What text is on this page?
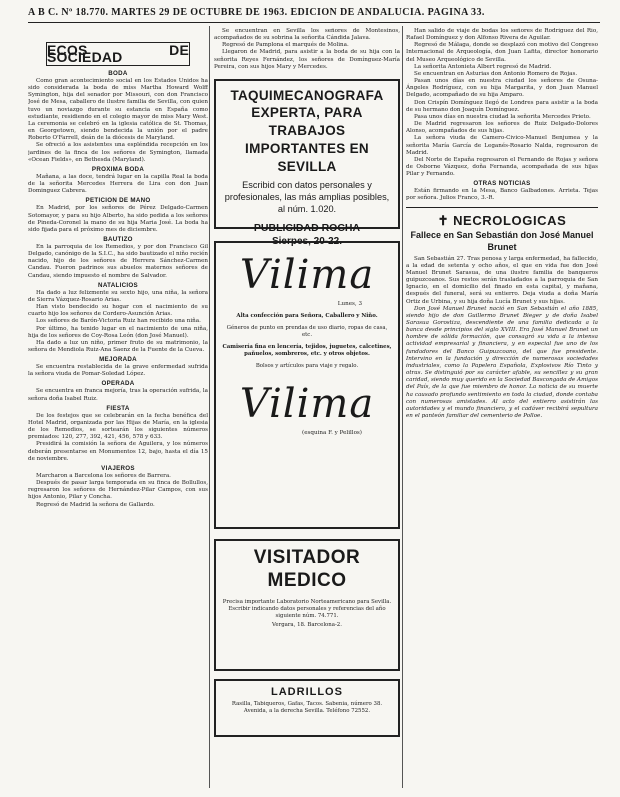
A B C. Nº 18.770. MARTES 29 DE OCTUBRE DE 1963. EDICION DE ANDALUCIA. PAGINA 33.
ECOS DE SOCIEDAD
BODA

Como gran acontecimiento social en los Estados Unidos ha sido considerada la boda de miss Martha Howard Wolff Symington, hija del senador por Missouri, con don Francisco José de Mesa, caballero de ilustre familia de Sevilla, con quien tuvo un noviazgo durante su estancia en España como estudiante, residiendo en el colegio mayor de miss Mary West. La ceremonia se celebró en la iglesia católica de St. Thomas, en Georgetown, siendo bendecida la unión por el padre Roberto O'Farrell, deán de la diócesis de Maryland.

Se ofreció a los asistentes una espléndida recepción en los jardines de la finca de los señores de Symington, llamada «Ocean Fields», en Bethesda (Maryland).

PROXIMA BODA

Mañana, a las doce, tendrá lugar en la capilla Real la boda de la señorita Mercedes Herrera de Lira con don Juan Dominguez Cabrera.

PETICION DE MANO

En Madrid, por los señores de Pérez Delgado-Carmen Sotomayor, y para su hijo Alberto, ha sido pedida a los señores de Pineda-Coronel la mano de su hija Maria José. La boda ha sido fijada para el próximo mes de diciembre.

BAUTIZO

En la parroquia de los Remedios, y por don Francisco Gil Delgado, canónigo de la S.I.C., ha sido bautizado el niño recién nacido, hijo de los señores de Herrera Sánchez-Carmen Candau. Fueron padrinos sus abuelos maternos señores de Candau, siendo impuesto el nombre de Salvador.

NATALICIOS

Ha dado a luz felizmente su sexto hijo, una niña, la señora de Sierra Vázquez-Rosario Arias.

Han visto bendecido su hogar con el nacimiento de su cuarto hijo los señores de Cordero-Asunción Arias.

Los señores de Barón-Victoria Ruiz han recibido una niña.

Por último, ha tenido lugar en el nacimiento de una niña, hija de los señores de Coy-Rosa León (don José Manuel).

Ha dado a luz un niño, primer fruto de su matrimonio, la señora de Mendiola Ruiz-Ana Saenz de la Fuente de la Cueva.

MEJORADA

Se encuentra restablecida de la grave enfermedad sufrida la señora viuda de Pomar-Soledad López.

OPERADA

Se encuentra en franca mejoría, tras la operación sufrida, la señora doña Isabel Ruiz.

FIESTA

De los festejos que se celebrarán en la fecha benéfica del Hotel Madrid, organizada por las Hijas de María, en la iglesia de los Remedios, se sortearán los siguientes números premiados: 120, 277, 392, 421, 456, 578 y 633.

Presidirá la comisión la señora de Aguilera, y los números deberán presentarse en Monumentos 12, bajo, hasta el día 15 de noviembre.

VIAJEROS

Marcharon a Barcelona los señores de Barrera.

Después de pasar larga temporada en su finca de Bollullos, regresaron los señores de Hernández-Pilar Campos, con sus hijos Antonio, Pilar y Concha.

Regresó de Madrid la señora de Gallardo.

Se encuentran en Sevilla los señores de Montesinos, acompañados de su sobrina la señorita Cándida Jalava.

Regresó de Pamplona el marqués de Molina.

Llegaron de Madrid, para asistir a la boda de su hija con la señorita Reyes Fernández, los señores de Domínguez-María Pereira, con sus hijos Mary y Mercedes.

TAQUIMECANOGRAFA
EXPERTA, PARA TRABAJOS
IMPORTANTES EN SEVILLA
Escribid con datos personales y profesionales, las más amplias posibles, al núm. 1.020.
PUBLICIDAD ROCHA
Sierpes, 20-22.
Vilima
Lunes, 3
Alta confección para Señora, Caballero y Niño.
Géneros de punto en prendas de uso diario, ropas de casa, etc.
Camisería fina en lencería, tejidos, juguetes, calcetines, pañuelos, sombreros, etc. y otros objetos.
Bolsos y artículos para viaje y regalo.
Vilima
(esquina F. y Pelillos)
VISITADOR
MEDICO
Precisa importante Laboratorio Norteamericano para Sevilla. Escribir indicando datos personales y referencias del año siguiente núm. 74.771.
Vergara, 18. Barcelona-2.
LADRILLOS
Rasilla, Tabiqueros, Gafas, Tacos. Sabenia, número 38. Avenida, a la derecha Sevilla. Teléfono 72552.

Han salido de viaje de bodas los señores de Rodríguez del Río, Rafael Domínguez y don Alfonso Rivera de Aguilar.

Regresó de Málaga, donde se desplazó con motivo del Congreso Internacional de Arqueología, don Juan Lafita, director honorario del Museo Arqueológico de Sevilla.

La señorita Antonieta Albert regresó de Madrid.

Se encuentran en Asturias don Antonio Romero de Rojas.

Pasan unos días en nuestra ciudad los señores de Osuna-Ángeles Rodríguez, con su hija Margarita, y don Juan Manuel Delgado, acompañado de su hija Amparo.

Don Crispín Domínguez llegó de Londres para asistir a la boda de su hermano don Joaquín Domínguez.

Pasa unos días en nuestra ciudad la señorita Mercedes Prieto.

De Madrid regresaron los señores de Ruiz Delgado-Dolores Alonso, acompañados de sus hijas.

La señora viuda de Camero-Civico-Manuel Benjumea y la señorita María García de Leganés-Rosario Nalda, regresaron de Madrid.

Del Norte de España regresaron el Fernando de Rojas y señora de Osborne Vázquez, doña Fernanda, acompañada de sus hijas Pilar y Fernando.

OTRAS NOTICIAS

Están firmando en la Mesa, Banco Galbadones. Arrieta. Tejas por señora. Julios Franco, 3.-R.

✝ NECROLOGICAS
Fallece en San Sebastián don José Manuel Brunet

San Sebastián 27. Tras penosa y larga enfermedad, ha fallecido, a la edad de setenta y ocho años, el que en vida fue don José Manuel Brunet Sarasua, de una ilustre familia de banqueros guipuzcoanos. Sus restos serán trasladados a la parroquia de San Ignacio, en el domicilio del finado en esta capital, y mañana, después del funeral, será su entierro. Deja viuda a doña María Ortiz de Urbina, y su hija doña Lucía Brunet y sus hijas.

Don José Manuel Brunet nació en San Sebastián el año 1885, siendo hijo de don Guillermo Brunet Bieger y de doña Isabel Sarasua Gorostiza, descendiente de una familia dedicada a la banca desde principios del siglo XVIII. Era José Manuel Brunet un hombre de sólida formación, que consagró su vida a la intensa actividad empresarial y financiera, y en especial fue uno de los fundadores del Banco Guipuzcoano, del que fue presidente. Intervino en la fundación y dirección de numerosas sociedades industriales, como la Papelera Española, Explosivos Río Tinto y otras. Se distinguió por su carácter afable, su sencillez y su gran caridad, siendo muy querido en la Sociedad Bascongada de Amigos del País, de la que fue miembro de honor. La noticia de su muerte ha causado profundo sentimiento en toda la ciudad, donde contaba con numerosas amistades. Al acto del entierro asistirán las autoridades y el mundo financiero, y el cadáver recibirá sepultura en el panteón familiar del cementerio de Polloe.
